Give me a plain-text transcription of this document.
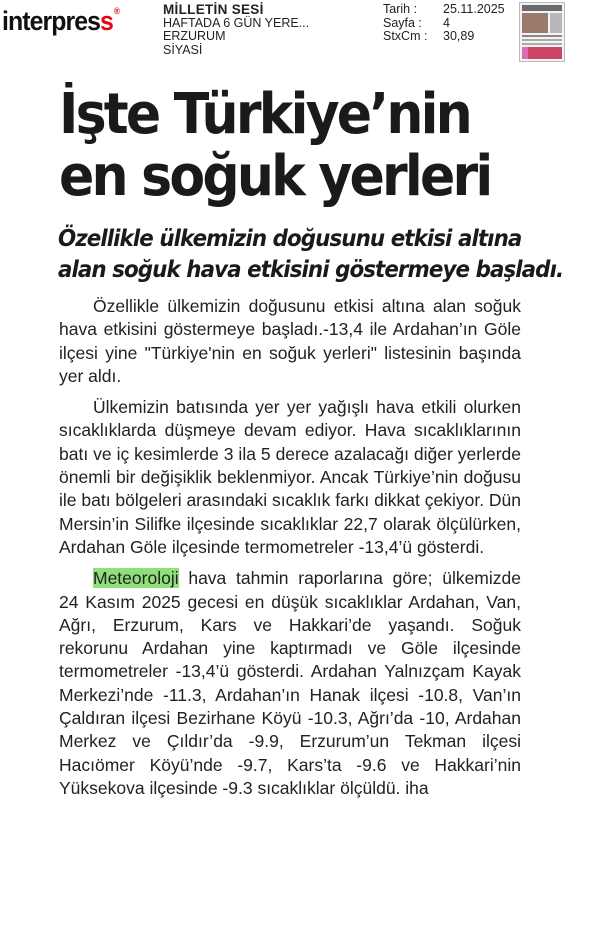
interpress®	MİLLETİN SESİ
HAFTADA 6 GÜN YERE...
ERZURUM
SİYASİ
Tarih :	25.11.2025
Sayfa :	4
StxCm :	30,89
İşte Türkiye’nin
en soğuk yerleri
Özellikle ülkemizin doğusunu etkisi altına
alan soğuk hava etkisini göstermeye başladı.

Özellikle ülkemizin doğusunu etkisi altına alan soğuk hava etkisini göstermeye başladı.-13,4 ile Ardahan’ın Göle ilçesi yine "Türkiye'nin en soğuk yerleri" listesinin başında yer aldı.

Ülkemizin batısında yer yer yağışlı hava etkili olurken sıcaklıklarda düşmeye devam ediyor. Hava sıcaklıklarının batı ve iç kesimlerde 3 ila 5 derece azalacağı diğer yerlerde önemli bir değişiklik beklenmiyor. Ancak Türkiye’nin doğusu ile batı bölgeleri arasındaki sıcaklık farkı dikkat çekiyor. Dün Mersin’in Silifke ilçesinde sıcaklıklar 22,7 olarak ölçülürken, Ardahan Göle ilçesinde termometreler -13,4’ü gösterdi.

Meteoroloji hava tahmin raporlarına göre; ülkemizde 24 Kasım 2025 gecesi en düşük sıcaklıklar Ardahan, Van, Ağrı, Erzurum, Kars ve Hakkari’de yaşandı. Soğuk rekorunu Ardahan yine kaptırmadı ve Göle ilçesinde termometreler -13,4’ü gösterdi. Ardahan Yalnızçam Kayak Merkezi’nde -11.3, Ardahan’ın Hanak ilçesi -10.8, Van’ın Çaldıran ilçesi Bezirhane Köyü -10.3, Ağrı’da -10, Ardahan Merkez ve Çıldır’da -9.9, Erzurum’un Tekman ilçesi Hacıömer Köyü’nde -9.7, Kars’ta -9.6 ve Hakkari’nin Yüksekova ilçesinde -9.3 sıcaklıklar ölçüldü. iha
